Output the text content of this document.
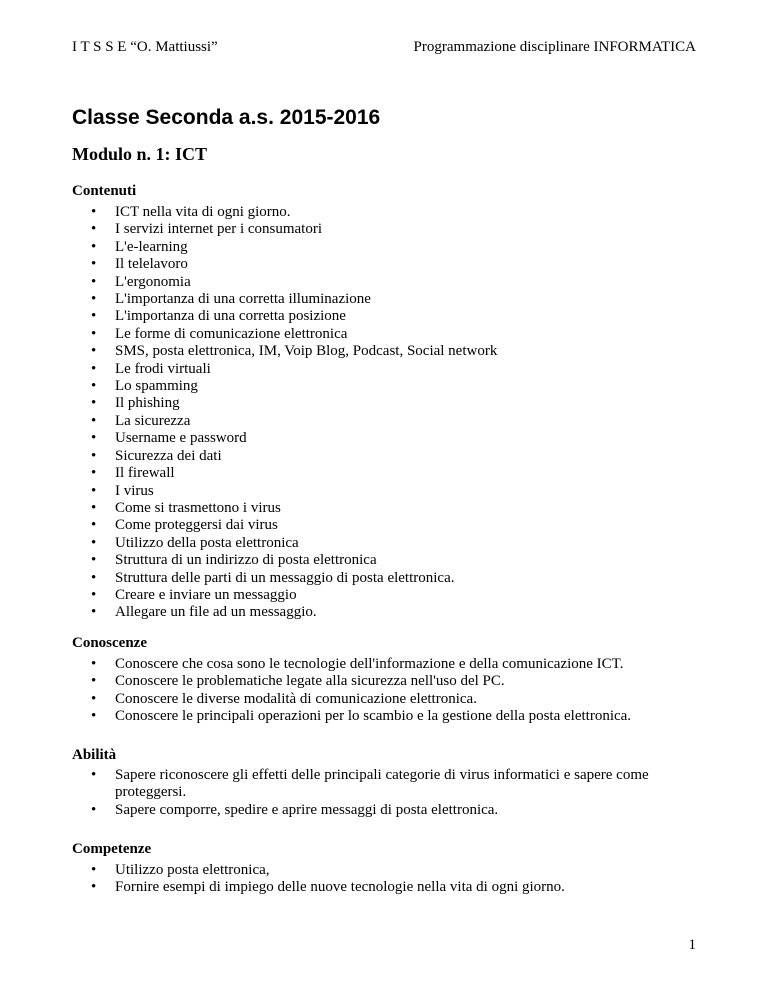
I T S S E “O. Mattiussi”	Programmazione disciplinare INFORMATICA
Classe Seconda a.s. 2015-2016
Modulo n. 1: ICT
Contenuti
• ICT nella vita di ogni giorno.
• I servizi internet per i consumatori
• L'e-learning
• Il telelavoro
• L'ergonomia
• L'importanza di una corretta illuminazione
• L'importanza di una corretta posizione
• Le forme di comunicazione elettronica
• SMS, posta elettronica, IM, Voip Blog, Podcast, Social network
• Le frodi virtuali
• Lo spamming
• Il phishing
• La sicurezza
• Username e password
• Sicurezza dei dati
• Il firewall
• I virus
• Come si trasmettono i virus
• Come proteggersi dai virus
• Utilizzo della posta elettronica
• Struttura di un indirizzo di posta elettronica
• Struttura delle parti di un messaggio di posta elettronica.
• Creare e inviare un messaggio
• Allegare un file ad un messaggio.
Conoscenze
• Conoscere che cosa sono le tecnologie dell'informazione e della comunicazione ICT.
• Conoscere le problematiche legate alla sicurezza nell'uso del PC.
• Conoscere le diverse modalità di comunicazione elettronica.
• Conoscere le principali operazioni per lo scambio e la gestione della posta elettronica.
Abilità
• Sapere riconoscere gli effetti delle principali categorie di virus informatici e sapere come proteggersi.
• Sapere comporre, spedire e aprire messaggi di posta elettronica.
Competenze
• Utilizzo posta elettronica,
• Fornire esempi di impiego delle nuove tecnologie nella vita di ogni giorno.
1
